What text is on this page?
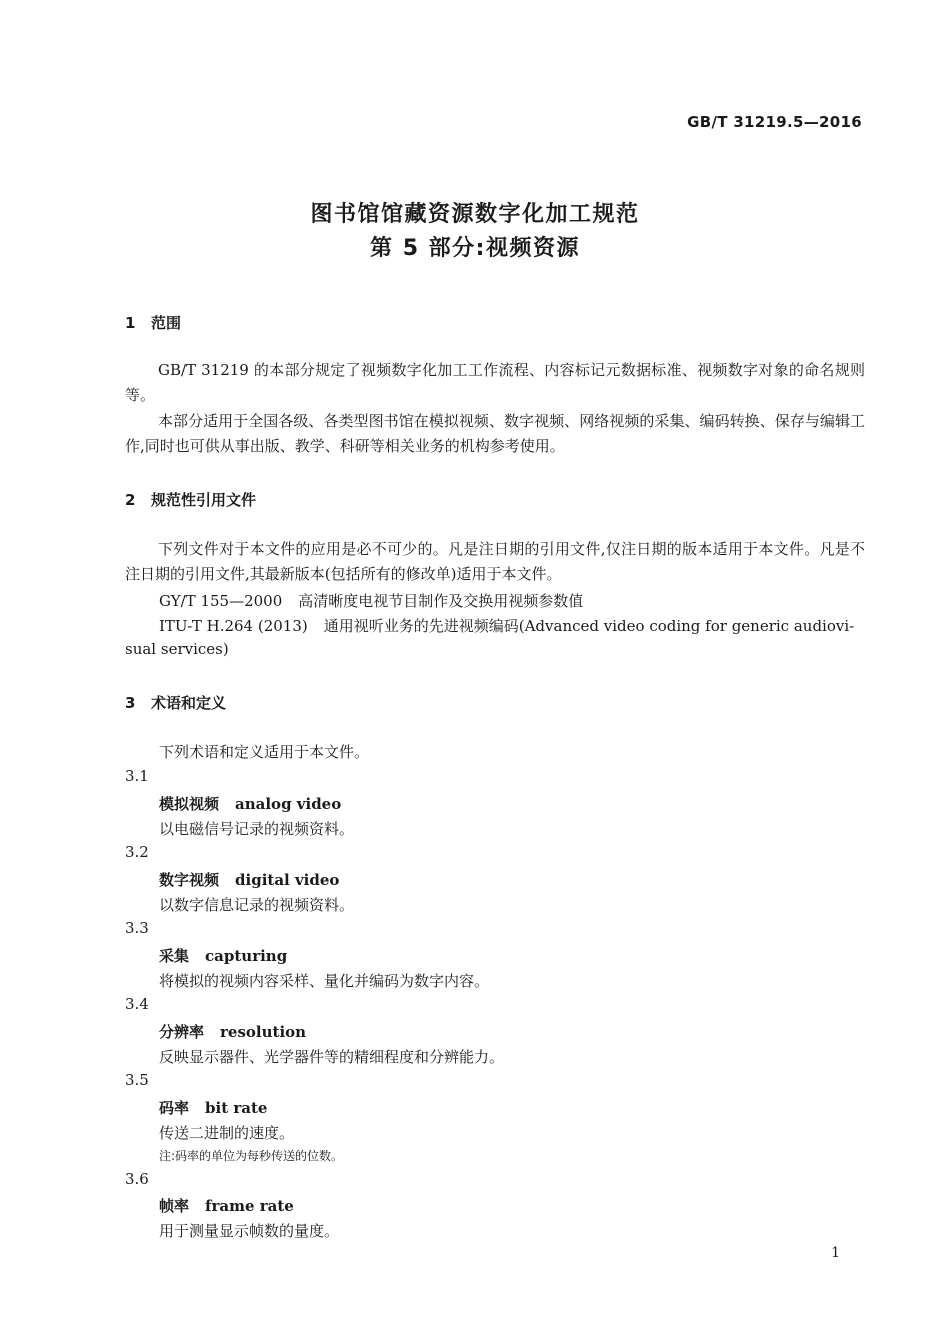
GB/T 31219.5—2016
图书馆馆藏资源数字化加工规范
第 5 部分:视频资源
1 范围
GB/T 31219 的本部分规定了视频数字化加工工作流程、内容标记元数据标准、视频数字对象的命名规则等。
本部分适用于全国各级、各类型图书馆在模拟视频、数字视频、网络视频的采集、编码转换、保存与编辑工作,同时也可供从事出版、教学、科研等相关业务的机构参考使用。
2 规范性引用文件
下列文件对于本文件的应用是必不可少的。凡是注日期的引用文件,仅注日期的版本适用于本文件。凡是不注日期的引用文件,其最新版本(包括所有的修改单)适用于本文件。
GY/T 155—2000 高清晰度电视节目制作及交换用视频参数值
ITU-T H.264 (2013) 通用视听业务的先进视频编码(Advanced video coding for generic audiovi-
sual services)
3 术语和定义
下列术语和定义适用于本文件。
3.1
模拟视频 analog video
以电磁信号记录的视频资料。
3.2
数字视频 digital video
以数字信息记录的视频资料。
3.3
采集 capturing
将模拟的视频内容采样、量化并编码为数字内容。
3.4
分辨率 resolution
反映显示器件、光学器件等的精细程度和分辨能力。
3.5
码率 bit rate
传送二进制的速度。
注:码率的单位为每秒传送的位数。
3.6
帧率 frame rate
用于测量显示帧数的量度。
1
